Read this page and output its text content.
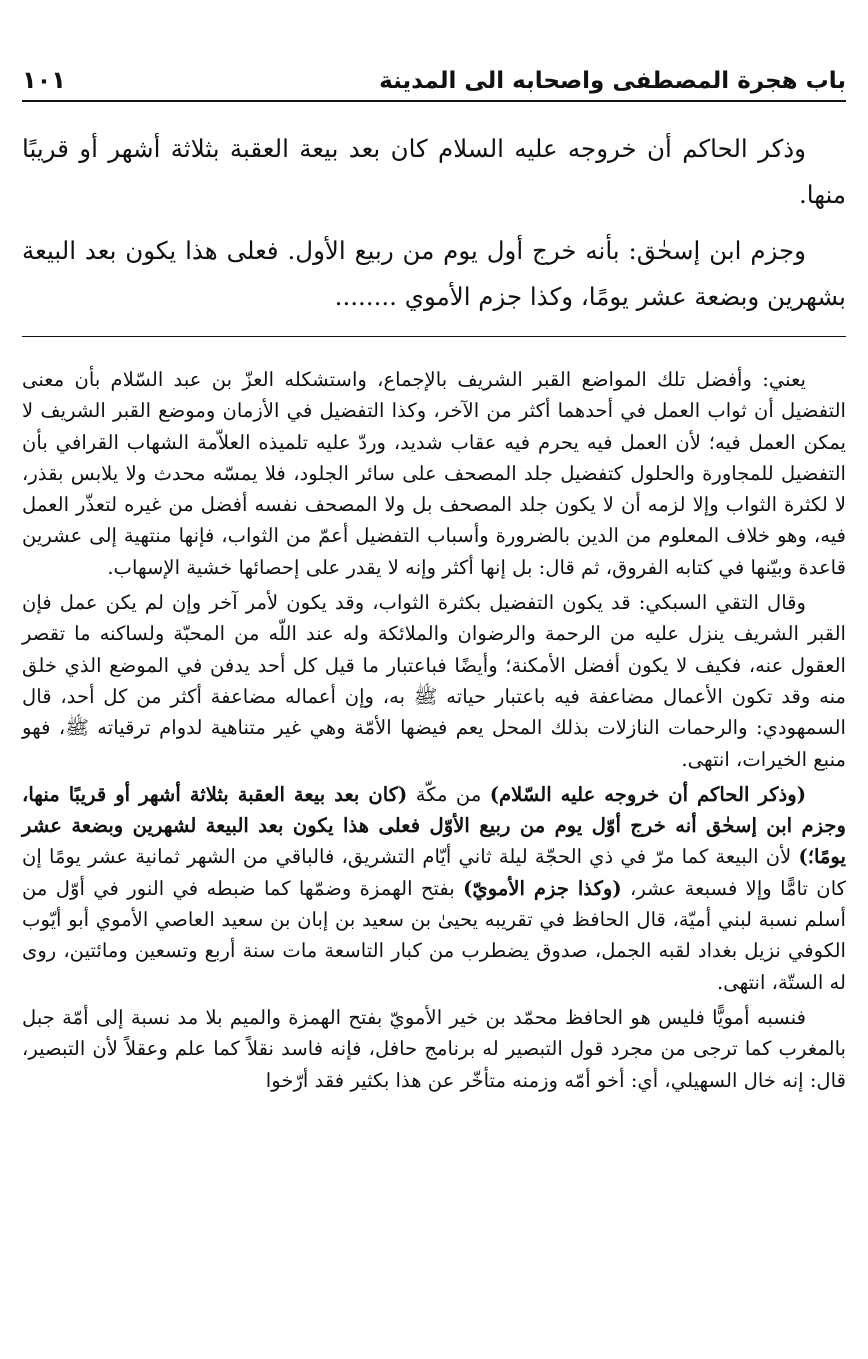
باب هجرة المصطفى واصحابه الى المدينة
١٠١

وذكر الحاكم أن خروجه عليه السلام كان بعد بيعة العقبة بثلاثة أشهر أو قريبًا منها.

وجزم ابن إسحٰق: بأنه خرج أول يوم من ربيع الأول. فعلى هذا يكون بعد البيعة بشهرين وبضعة عشر يومًا، وكذا جزم الأموي ........

يعني: وأفضل تلك المواضع القبر الشريف بالإجماع، واستشكله العزّ بن عبد السّلام بأن معنى التفضيل أن ثواب العمل في أحدهما أكثر من الآخر، وكذا التفضيل في الأزمان وموضع القبر الشريف لا يمكن العمل فيه؛ لأن العمل فيه يحرم فيه عقاب شديد، وردّ عليه تلميذه العلاّمة الشهاب القرافي بأن التفضيل للمجاورة والحلول كتفضيل جلد المصحف على سائر الجلود، فلا يمسّه محدث ولا يلابس بقذر، لا لكثرة الثواب وإلا لزمه أن لا يكون جلد المصحف بل ولا المصحف نفسه أفضل من غيره لتعذّر العمل فيه، وهو خلاف المعلوم من الدين بالضرورة وأسباب التفضيل أعمّ من الثواب، فإنها منتهية إلى عشرين قاعدة وبيّنها في كتابه الفروق، ثم قال: بل إنها أكثر وإنه لا يقدر على إحصائها خشية الإسهاب.

وقال التقي السبكي: قد يكون التفضيل بكثرة الثواب، وقد يكون لأمر آخر وإن لم يكن عمل فإن القبر الشريف ينزل عليه من الرحمة والرضوان والملائكة وله عند اللّه من المحبّة ولساكنه ما تقصر العقول عنه، فكيف لا يكون أفضل الأمكنة؛ وأيضًا فباعتبار ما قيل كل أحد يدفن في الموضع الذي خلق منه وقد تكون الأعمال مضاعفة فيه باعتبار حياته ﷺ به، وإن أعماله مضاعفة أكثر من كل أحد، قال السمهودي: والرحمات النازلات بذلك المحل يعم فيضها الأمّة وهي غير متناهية لدوام ترقياته ﷺ، فهو منبع الخيرات، انتهى.

(وذكر الحاكم أن خروجه عليه السّلام) من مكّة (كان بعد بيعة العقبة بثلاثة أشهر أو قريبًا منها، وجزم ابن إسحٰق أنه خرج أوّل يوم من ربيع الأوّل فعلى هذا يكون بعد البيعة لشهرين وبضعة عشر يومًا؛) لأن البيعة كما مرّ في ذي الحجّة ليلة ثاني أيّام التشريق، فالباقي من الشهر ثمانية عشر يومًا إن كان تامًّا وإلا فسبعة عشر، (وكذا جزم الأمويّ) بفتح الهمزة وضمّها كما ضبطه في النور في أوّل من أسلم نسبة لبني أميّة، قال الحافظ في تقريبه يحيىٰ بن سعيد بن إبان بن سعيد العاصي الأموي أبو أيّوب الكوفي نزيل بغداد لقبه الجمل، صدوق يضطرب من كبار التاسعة مات سنة أربع وتسعين ومائتين، روى له الستّة، انتهى.

فنسبه أمويًّا فليس هو الحافظ محمّد بن خير الأمويّ بفتح الهمزة والميم بلا مد نسبة إلى أمّة جبل بالمغرب كما ترجى من مجرد قول التبصير له برنامج حافل، فإنه فاسد نقلاً كما علم وعقلاً لأن التبصير، قال: إنه خال السهيلي، أي: أخو أمّه وزمنه متأخّر عن هذا بكثير فقد أرّخوا
